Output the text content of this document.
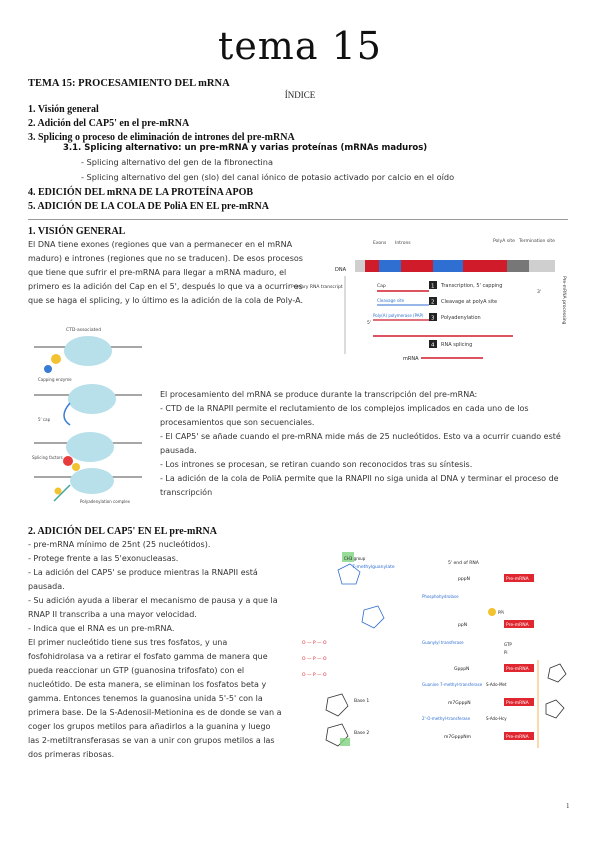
tema 15
TEMA 15: PROCESAMIENTO DEL mRNA
ÍNDICE
1. Visión general
2. Adición del CAP5' en el pre-mRNA
3. Splicing o proceso de eliminación de intrones del pre-mRNA
3.1. Splicing alternativo: un pre-mRNA y varias proteínas (mRNAs maduros)
- Splicing alternativo del gen de la fibronectina
- Splicing alternativo del gen (slo) del canal iónico de potasio activado por calcio en el oído
4. EDICIÓN DEL mRNA DE LA PROTEÍNA APOB
5. ADICIÓN DE LA COLA DE PoliA EN EL pre-mRNA
1. VISIÓN GENERAL
El DNA tiene exones (regiones que van a permanecer en el mRNA
maduro) e intrones (regiones que no se traducen). De esos procesos
que tiene que sufrir el pre-mRNA para llegar a mRNA maduro, el
primero es la adición del Cap en el 5', después lo que va a ocurrir es
que se haga el splicing, y lo último es la adición de la cola de Poly-A.
Exons Introns	PolyA site Termination site
DNA
Primary RNA transcript	Cap	1 Transcription, 5' capping
3'
Cleavage site	2 Cleavage at polyA site
Poly(A) polymerase (PAP) 3 Polyadenylation
5'
4 RNA splicing
mRNA
Pre-mRNA processing
CTD-associated
Capping enzyme
5' cap
Splicing factors
Polyadenylation complex
El procesamiento del mRNA se produce durante la transcripción del pre-mRNA:
- CTD de la RNAPII permite el reclutamiento de los complejos implicados en cada uno de los
procesamientos que son secuenciales.
- El CAP5' se añade cuando el pre-mRNA mide más de 25 nucleótidos. Esto va a ocurrir cuando esté
pausada.
- Los intrones se procesan, se retiran cuando son reconocidos tras su síntesis.
- La adición de la cola de PoliA permite que la RNAPII no siga unida al DNA y terminar el proceso de
transcripción
2. ADICIÓN DEL CAP5' EN EL pre-mRNA
- pre-mRNA mínimo de 25nt (25 nucleótidos).
- Protege frente a las 5'exonucleasas.
- La adición del CAP5' se produce mientras la RNAPII está
pausada.
- Su adición ayuda a liberar el mecanismo de pausa y a que la
RNAP II transcriba a una mayor velocidad.
- Indica que el RNA es un pre-mRNA.
El primer nucleótido tiene sus tres fosfatos, y una
fosfohidrolasa va a retirar el fosfato gamma de manera que
pueda reaccionar un GTP (guanosina trifosfato) con el
nucleótido. De esta manera, se eliminan los fosfatos beta y
gamma. Entonces tenemos la guanosina unida 5'-5' con la
primera base. De la S-Adenosil-Metionina es de donde se van a
coger los grupos metilos para añadirlos a la guanina y luego
las 2-metiltransferasas se van a unir con grupos metilos a las
dos primeras ribosas.
7-methylguanylate
CH3 group
O — P — O
O — P — O
O — P — O
Base 1
Base 2
5' end of RNA
pppN	Pre-mRNA
Phosphohydrolase
PPi
ppN	Pre-mRNA
Guanylyl transferase	GTP
Pi
GpppN	Pre-mRNA
Guanine 7-methyl-transferase S-Ado-Met
m7GpppN	Pre-mRNA
2'-O-methyl-transferase	S-Ado-Hcy
m7GpppNm	Pre-mRNA
1
